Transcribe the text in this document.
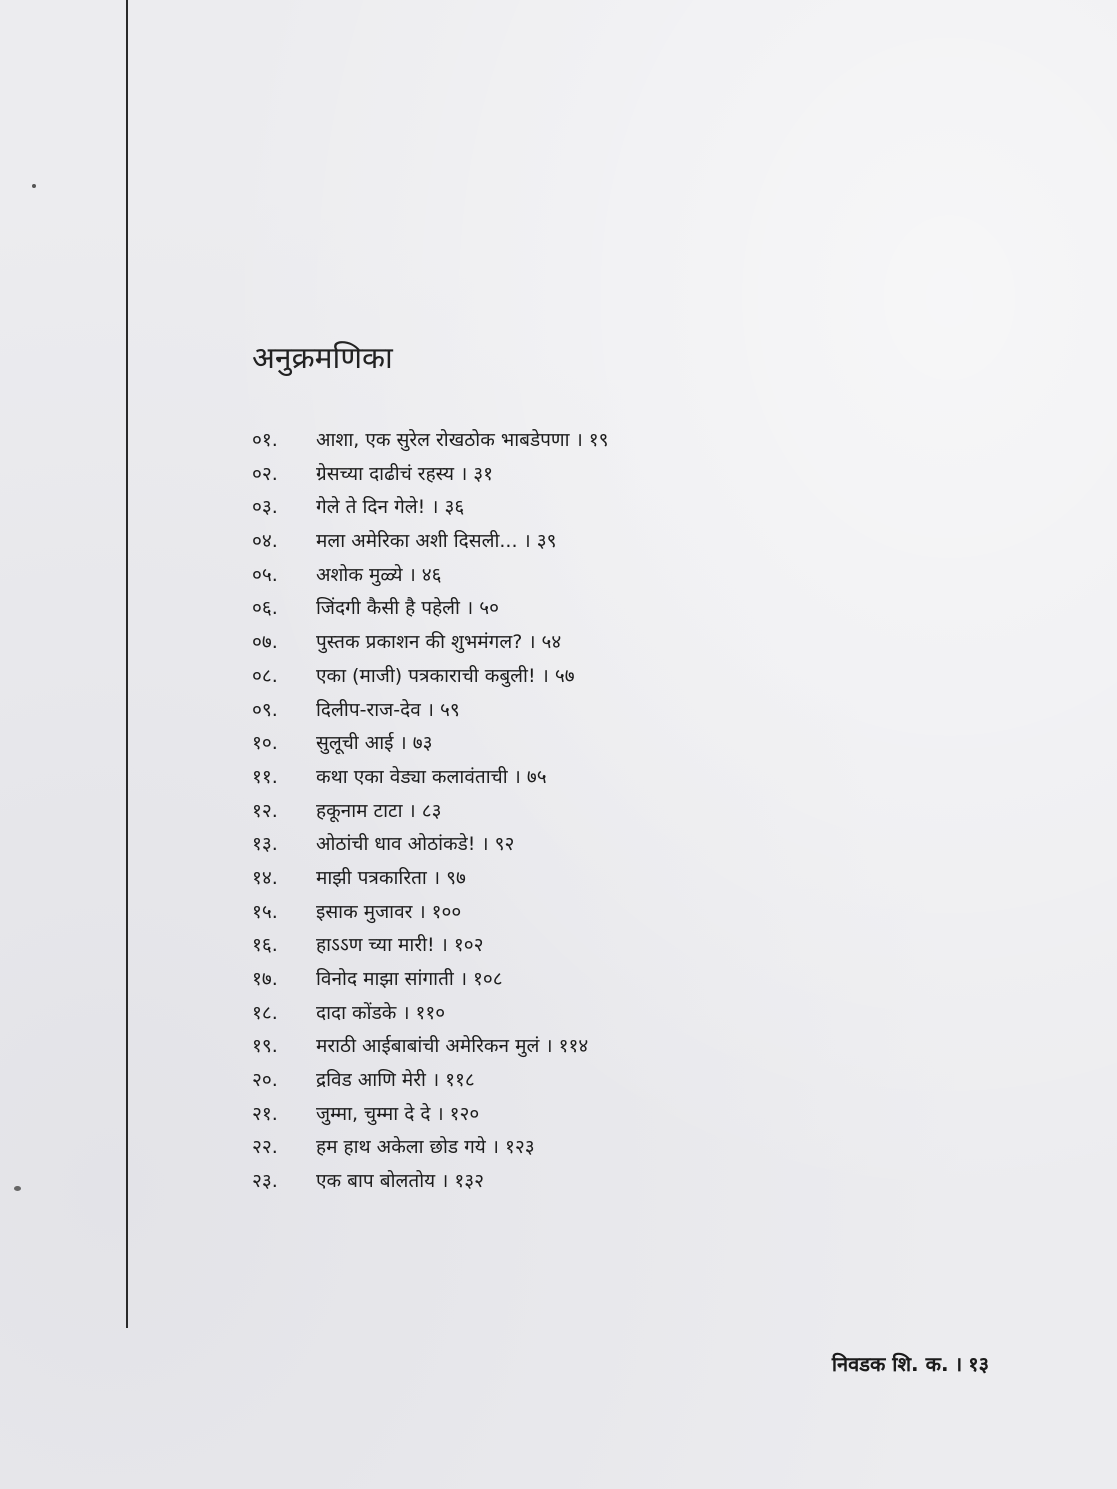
अनुक्रमणिका
०१.	आशा, एक सुरेल रोखठोक भाबडेपणा । १९
०२.	ग्रेसच्या दाढीचं रहस्य । ३१
०३.	गेले ते दिन गेले! । ३६
०४.	मला अमेरिका अशी दिसली... । ३९
०५.	अशोक मुळ्ये । ४६
०६.	जिंदगी कैसी है पहेली । ५०
०७.	पुस्तक प्रकाशन की शुभमंगल? । ५४
०८.	एका (माजी) पत्रकाराची कबुली! । ५७
०९.	दिलीप-राज-देव । ५९
१०.	सुलूची आई । ७३
११.	कथा एका वेड्या कलावंताची । ७५
१२.	हकूनाम टाटा । ८३
१३.	ओठांची धाव ओठांकडे! । ९२
१४.	माझी पत्रकारिता । ९७
१५.	इसाक मुजावर । १००
१६.	हाऽऽण च्या मारी! । १०२
१७.	विनोद माझा सांगाती । १०८
१८.	दादा कोंडके । ११०
१९.	मराठी आईबाबांची अमेरिकन मुलं । ११४
२०.	द्रविड आणि मेरी । ११८
२१.	जुम्मा, चुम्मा दे दे । १२०
२२.	हम हाथ अकेला छोड गये । १२३
२३.	एक बाप बोलतोय । १३२
निवडक शि. क. । १३
